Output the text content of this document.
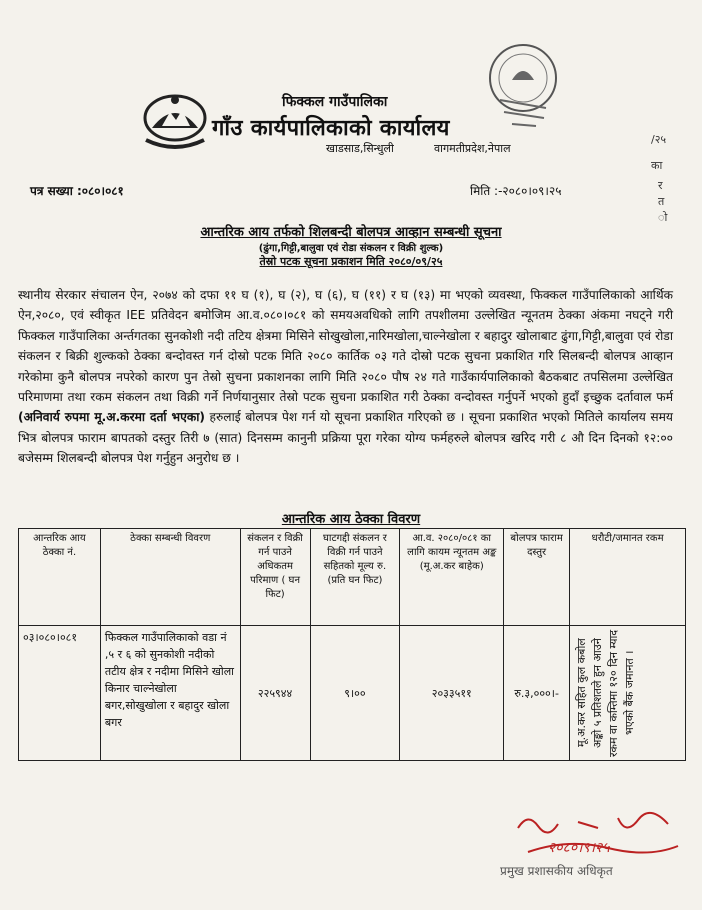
फिक्कल गाउँपालिका
गाँउ कार्यपालिकाको कार्यालय
खाडसाड,सिन्धुली	वागमतीप्रदेश,नेपाल
/२५
का
र
त
ो
पत्र सख्या :०८०।०८१	मिति :-२०८०।०९।२५
आन्तरिक आय तर्फको शिलबन्दी बोलपत्र आव्हान सम्बन्धी सूचना
(ढुंगा,गिट्टी,बालुवा एवं रोडा संकलन र विक्री शुल्क)
तेस्रो पटक सूचना प्रकाशन मिति २०८०/०९/२५
स्थानीय सेरकार संचालन ऐन, २०७४ को दफा ११ घ (१), घ (२), घ (६), घ (११) र घ (१३) मा भएको व्यवस्था, फिक्कल गाउँपालिकाको आर्थिक ऐन,२०८०, एवं स्वीकृत IEE प्रतिवेदन बमोजिम आ.व.०८०।०८१ को समयअवधिको लागि तपशीलमा उल्लेखित न्यूनतम ठेक्का अंकमा नघट्ने गरी फिक्कल गाउँपालिका अर्न्तगतका सुनकोशी नदी तटिय क्षेत्रमा मिसिने सोखुखोला,नारिमखोला,चाल्नेखोला र बहादुर खोलाबाट ढुंगा,गिट्टी,बालुवा एवं रोडा संकलन र बिक्री शुल्कको ठेक्का बन्दोवस्त गर्न दोस्रो पटक मिति २०८० कार्तिक ०३ गते दोस्रो पटक सुचना प्रकाशित गरि सिलबन्दी बोलपत्र आव्हान गरेकोमा कुनै बोलपत्र नपरेको कारण पुन तेस्रो सुचना प्रकाशनका लागि मिति २०८० पौष २४ गते गाउँकार्यपालिकाको बैठकबाट तपसिलमा उल्लेखित परिमाणमा तथा रकम संकलन तथा विक्री गर्ने निर्णयानुसार तेस्रो पटक सुचना प्रकाशित गरी ठेक्का वन्दोवस्त गर्नुपर्ने भएको हुदाँ इच्छुक दर्तावाल फर्म (अनिवार्य रुपमा मू.अ.करमा दर्ता भएका) हरुलाई बोलपत्र पेश गर्न यो सूचना प्रकाशित गरिएको छ । सूचना प्रकाशित भएको मितिले कार्यालय समय भित्र बोलपत्र फाराम बापतको दस्तुर तिरी ७ (सात) दिनसम्म कानुनी प्रक्रिया पूरा गरेका योग्य फर्महरुले बोलपत्र खरिद गरी ८ औ दिन दिनको १२:०० बजेसम्म शिलबन्दी बोलपत्र पेश गर्नुहुन अनुरोध छ ।
आन्तरिक आय ठेक्का विवरण
आन्तरिक आय ठेक्का नं.	ठेक्का सम्बन्धी विवरण	संकलन र विक्री गर्न पाउने अधिकतम परिमाण ( घन फिट)	घाटगद्दी संकलन र विक्री गर्न पाउने सहितको मूल्य रु. (प्रति घन फिट)	आ.व. २०८०/०८१ का लागि कायम न्यूनतम अङ्क (मू.अ.कर बाहेक)	बोलपत्र फाराम दस्तुर	धरौटी/जमानत रकम
०३।०८०।०८१	फिक्कल गाउँपालिकाको वडा नं ,५ र ६ को सुनकोशी नदीको तटीय क्षेत्र र नदीमा मिसिने खोला किनार चाल्नेखोला बगर,सोखुखोला र बहादुर खोला बगर	२२५९४४	९।००	२०३३५११	रु.३,०००।-	मू.अ.कर सहित कुल कबोल अङ्को ५ प्रतिशतले हुन आउने रकम वा कम्तिमा १२० दिन म्याद भएको बैंक जमानत ।
२०८०।९।२५
प्रमुख प्रशासकीय अधिकृत
